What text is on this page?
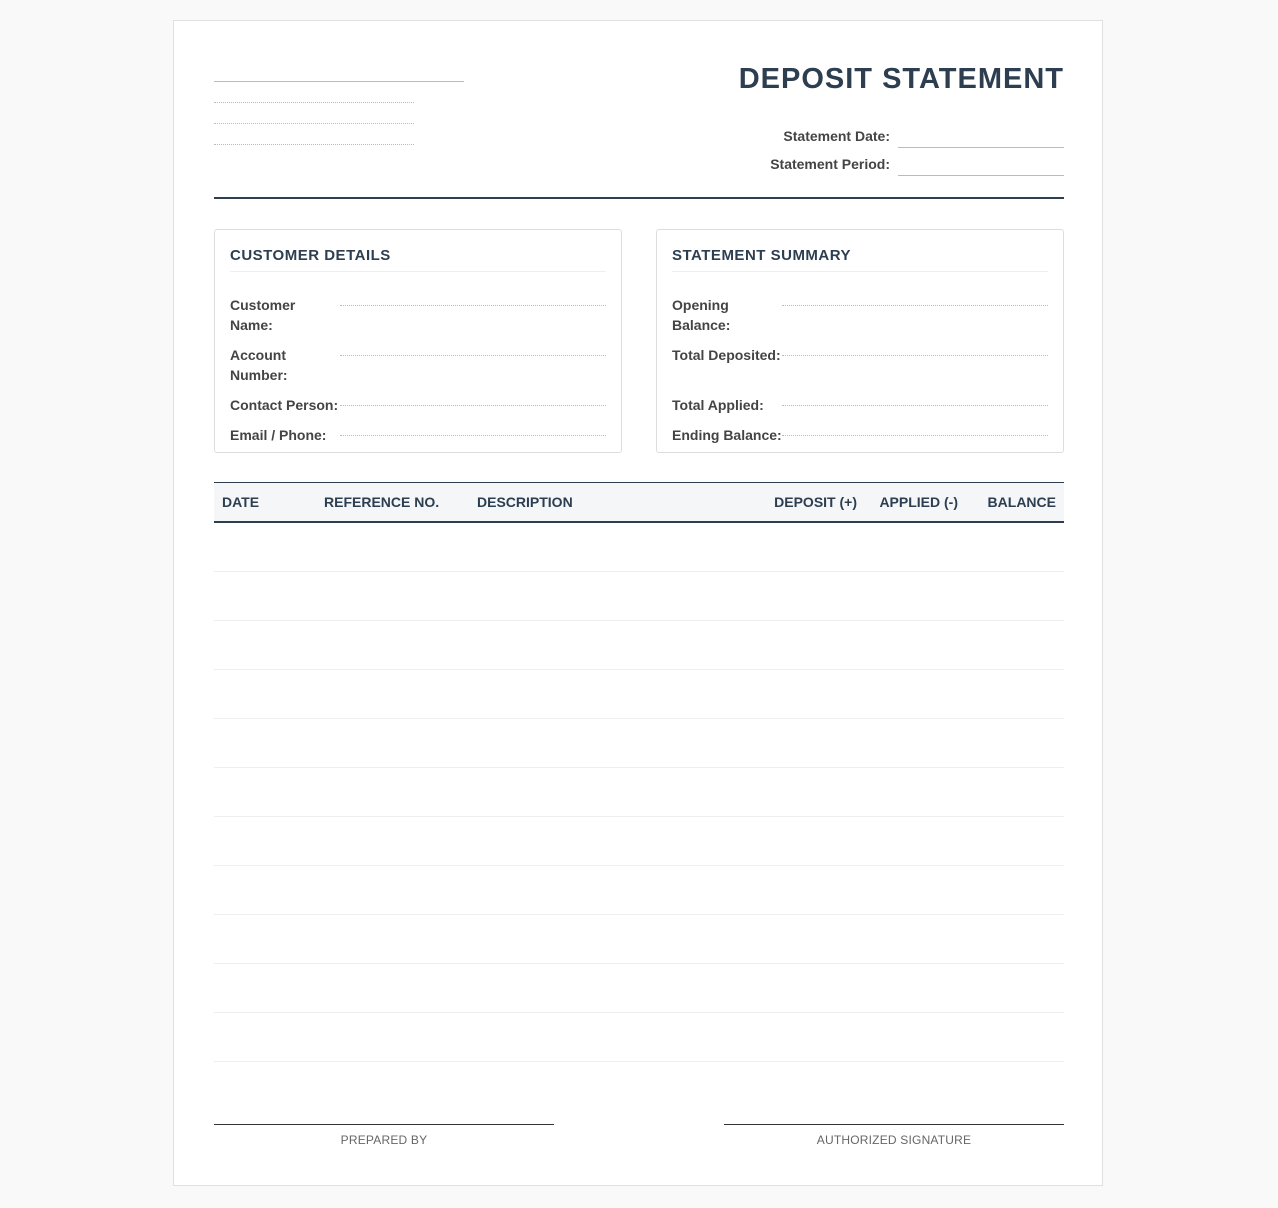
DEPOSIT STATEMENT
Statement Date:
Statement Period:
CUSTOMER DETAILS
Customer Name:
Account Number:
Contact Person:
Email / Phone:
STATEMENT SUMMARY
Opening Balance:
Total Deposited:
Total Applied:
Ending Balance:
DATE	REFERENCE NO.	DESCRIPTION	DEPOSIT (+)	APPLIED (-)	BALANCE

PREPARED BY	AUTHORIZED SIGNATURE
